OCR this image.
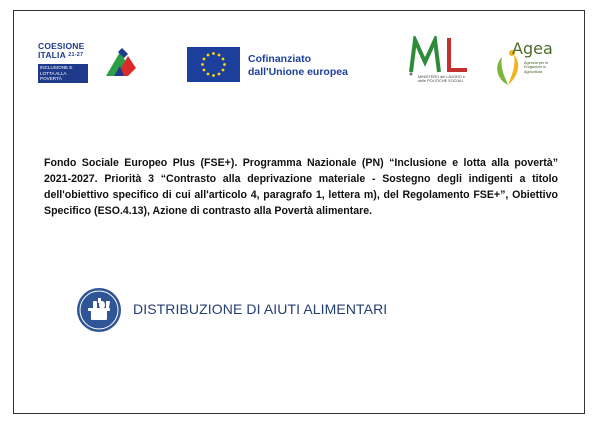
COESIONE
ITALIA $^{21-27}$
INCLUSIONE E LOTTA ALLA POVERTÀ
Cofinanziato
dall'Unione europea	MINISTERO del LAVORO e delle POLITICHE SOCIALI
Agea
Agenzia per le Erogazioni in Agricoltura

Fondo Sociale Europeo Plus (FSE+). Programma Nazionale (PN) “Inclusione e lotta alla povertà” 2021-2027. Priorità 3 “Contrasto alla deprivazione materiale - Sostegno degli indigenti a titolo dell'obiettivo specifico di cui all'articolo 4, paragrafo 1, lettera m), del Regolamento FSE+”, Obiettivo Specifico (ESO.4.13), Azione di contrasto alla Povertà alimentare.

DISTRIBUZIONE DI AIUTI ALIMENTARI
